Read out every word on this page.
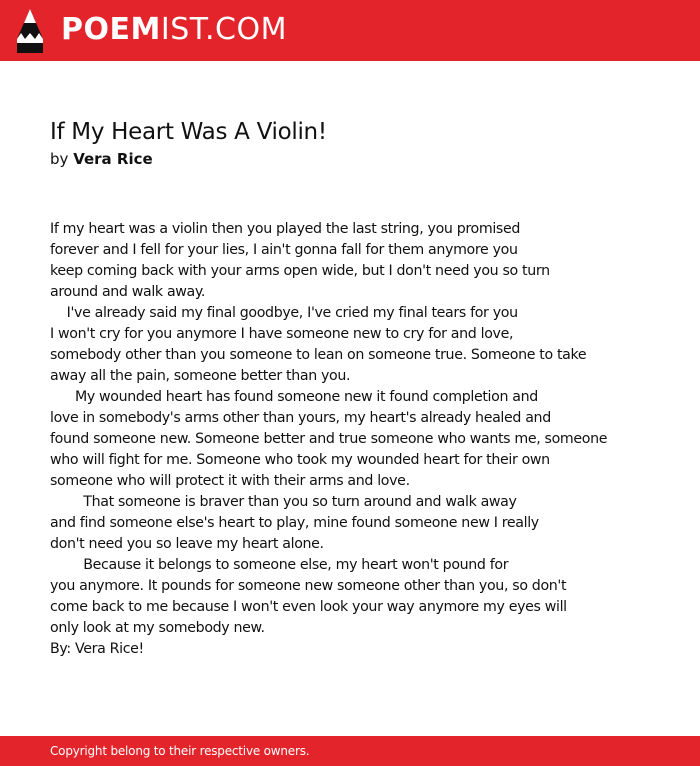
POEMIST.COM
If My Heart Was A Violin!
by Vera Rice
If my heart was a violin then you played the last string, you promised
forever and I fell for your lies, I ain't gonna fall for them anymore you
keep coming back with your arms open wide, but I don't need you so turn
around and walk away.
I've already said my final goodbye, I've cried my final tears for you
I won't cry for you anymore I have someone new to cry for and love,
somebody other than you someone to lean on someone true. Someone to take
away all the pain, someone better than you.
My wounded heart has found someone new it found completion and
love in somebody's arms other than yours, my heart's already healed and
found someone new. Someone better and true someone who wants me, someone
who will fight for me. Someone who took my wounded heart for their own
someone who will protect it with their arms and love.
That someone is braver than you so turn around and walk away
and find someone else's heart to play, mine found someone new I really
don't need you so leave my heart alone.
Because it belongs to someone else, my heart won't pound for
you anymore. It pounds for someone new someone other than you, so don't
come back to me because I won't even look your way anymore my eyes will
only look at my somebody new.
By: Vera Rice!
Copyright belong to their respective owners.
